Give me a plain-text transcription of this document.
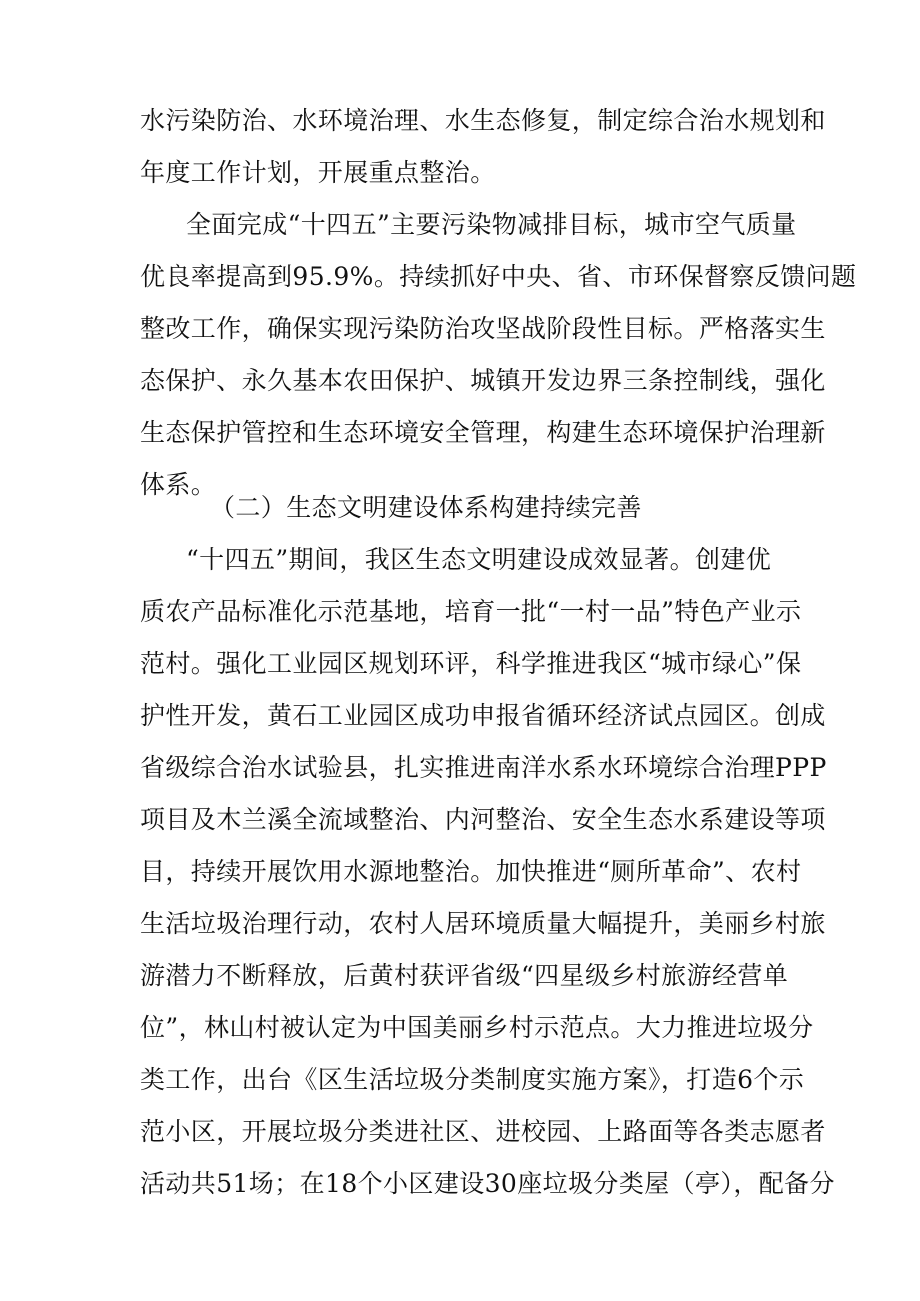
水污染防治、水环境治理、水生态修复，制定综合治水规划和
年度工作计划，开展重点整治。
全面完成“十四五”主要污染物减排目标，城市空气质量
优良率提高到95.9%。持续抓好中央、省、市环保督察反馈问题
整改工作，确保实现污染防治攻坚战阶段性目标。严格落实生
态保护、永久基本农田保护、城镇开发边界三条控制线，强化
生态保护管控和生态环境安全管理，构建生态环境保护治理新
体系。
（二）生态文明建设体系构建持续完善
“十四五”期间，我区生态文明建设成效显著。创建优
质农产品标准化示范基地，培育一批“一村一品”特色产业示
范村。强化工业园区规划环评，科学推进我区“城市绿心”保
护性开发，黄石工业园区成功申报省循环经济试点园区。创成
省级综合治水试验县，扎实推进南洋水系水环境综合治理PPP
项目及木兰溪全流域整治、内河整治、安全生态水系建设等项
目，持续开展饮用水源地整治。加快推进“厕所革命”、农村
生活垃圾治理行动，农村人居环境质量大幅提升，美丽乡村旅
游潜力不断释放，后黄村获评省级“四星级乡村旅游经营单
位”，林山村被认定为中国美丽乡村示范点。大力推进垃圾分
类工作，出台《区生活垃圾分类制度实施方案》，打造6个示
范小区，开展垃圾分类进社区、进校园、上路面等各类志愿者
活动共51场；在18个小区建设30座垃圾分类屋（亭），配备分
